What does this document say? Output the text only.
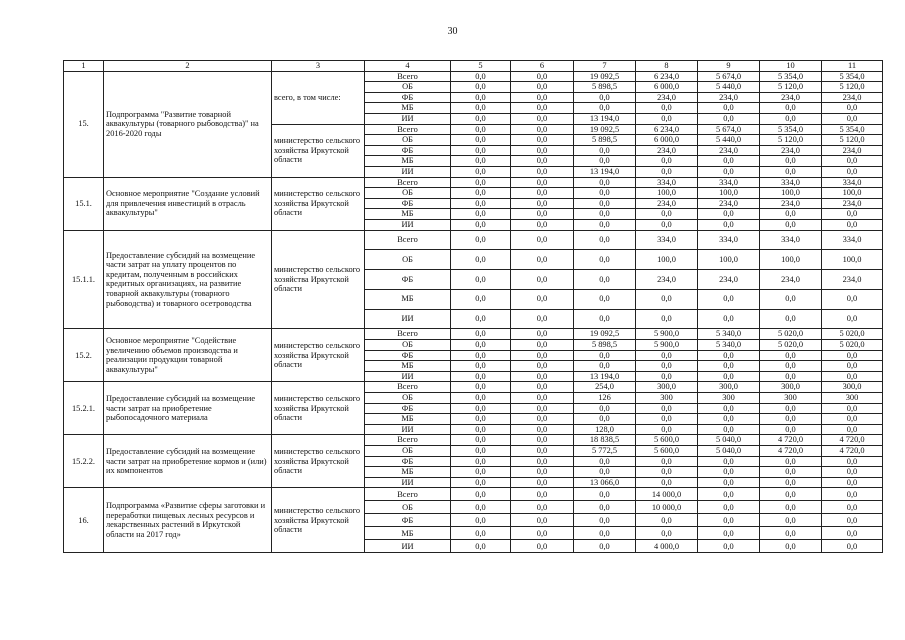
30
1	2	3	4	5	6	7	8	9	10	11
15.	Подпрограмма "Развитие товарной аквакультуры (товарного рыбоводства)" на 2016-2020 годы	всего, в том числе:	Всего	0,0	0,0	19 092,5	6 234,0	5 674,0	5 354,0	5 354,0
			ОБ	0,0	0,0	5 898,5	6 000,0	5 440,0	5 120,0	5 120,0
			ФБ	0,0	0,0	0,0	234,0	234,0	234,0	234,0
			МБ	0,0	0,0	0,0	0,0	0,0	0,0	0,0
			ИИ	0,0	0,0	13 194,0	0,0	0,0	0,0	0,0
		министерство сельского хозяйства Иркутской области	Всего	0,0	0,0	19 092,5	6 234,0	5 674,0	5 354,0	5 354,0
			ОБ	0,0	0,0	5 898,5	6 000,0	5 440,0	5 120,0	5 120,0
			ФБ	0,0	0,0	0,0	234,0	234,0	234,0	234,0
			МБ	0,0	0,0	0,0	0,0	0,0	0,0	0,0
			ИИ	0,0	0,0	13 194,0	0,0	0,0	0,0	0,0
15.1.	Основное мероприятие "Создание условий для привлечения инвестиций в отрасль аквакультуры"	министерство сельского хозяйства Иркутской области	Всего	0,0	0,0	0,0	334,0	334,0	334,0	334,0
			ОБ	0,0	0,0	0,0	100,0	100,0	100,0	100,0
			ФБ	0,0	0,0	0,0	234,0	234,0	234,0	234,0
			МБ	0,0	0,0	0,0	0,0	0,0	0,0	0,0
			ИИ	0,0	0,0	0,0	0,0	0,0	0,0	0,0
15.1.1.	Предоставление субсидий на возмещение части затрат на уплату процентов по кредитам, полученным в российских кредитных организациях, на развитие товарной аквакультуры (товарного рыбоводства) и товарного осетроводства	министерство сельского хозяйства Иркутской области	Всего	0,0	0,0	0,0	334,0	334,0	334,0	334,0
			ОБ	0,0	0,0	0,0	100,0	100,0	100,0	100,0
			ФБ	0,0	0,0	0,0	234,0	234,0	234,0	234,0
			МБ	0,0	0,0	0,0	0,0	0,0	0,0	0,0
			ИИ	0,0	0,0	0,0	0,0	0,0	0,0	0,0
15.2.	Основное мероприятие "Содействие увеличению объемов производства и реализации продукции товарной аквакультуры"	министерство сельского хозяйства Иркутской области	Всего	0,0	0,0	19 092,5	5 900,0	5 340,0	5 020,0	5 020,0
			ОБ	0,0	0,0	5 898,5	5 900,0	5 340,0	5 020,0	5 020,0
			ФБ	0,0	0,0	0,0	0,0	0,0	0,0	0,0
			МБ	0,0	0,0	0,0	0,0	0,0	0,0	0,0
			ИИ	0,0	0,0	13 194,0	0,0	0,0	0,0	0,0
15.2.1.	Предоставление субсидий на возмещение части затрат на приобретение рыбопосадочного материала	министерство сельского хозяйства Иркутской области	Всего	0,0	0,0	254,0	300,0	300,0	300,0	300,0
			ОБ	0,0	0,0	126	300	300	300	300
			ФБ	0,0	0,0	0,0	0,0	0,0	0,0	0,0
			МБ	0,0	0,0	0,0	0,0	0,0	0,0	0,0
			ИИ	0,0	0,0	128,0	0,0	0,0	0,0	0,0
15.2.2.	Предоставление субсидий на возмещение части затрат на приобретение кормов и (или) их компонентов	министерство сельского хозяйства Иркутской области	Всего	0,0	0,0	18 838,5	5 600,0	5 040,0	4 720,0	4 720,0
			ОБ	0,0	0,0	5 772,5	5 600,0	5 040,0	4 720,0	4 720,0
			ФБ	0,0	0,0	0,0	0,0	0,0	0,0	0,0
			МБ	0,0	0,0	0,0	0,0	0,0	0,0	0,0
			ИИ	0,0	0,0	13 066,0	0,0	0,0	0,0	0,0
16.	Подпрограмма «Развитие сферы заготовки и переработки пищевых лесных ресурсов и лекарственных растений в Иркутской области на 2017 год»	министерство сельского хозяйства Иркутской области	Всего	0,0	0,0	0,0	14 000,0	0,0	0,0	0,0
			ОБ	0,0	0,0	0,0	10 000,0	0,0	0,0	0,0
			ФБ	0,0	0,0	0,0	0,0	0,0	0,0	0,0
			МБ	0,0	0,0	0,0	0,0	0,0	0,0	0,0
			ИИ	0,0	0,0	0,0	4 000,0	0,0	0,0	0,0
